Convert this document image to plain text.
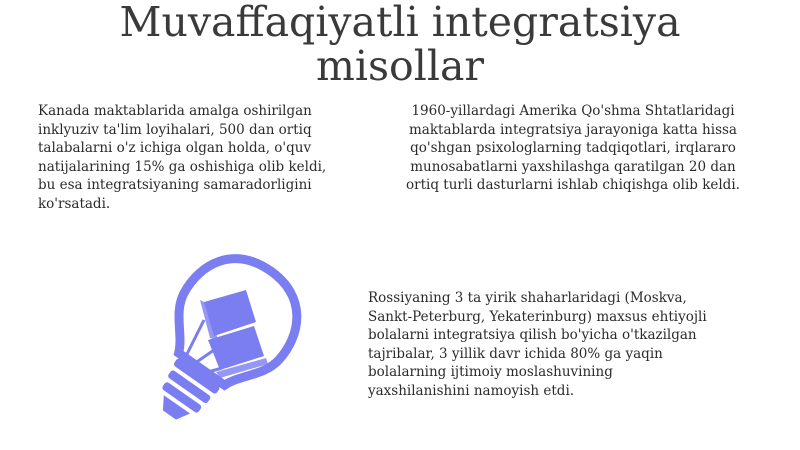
Muvaffaqiyatli integratsiya
misollar

Kanada maktablarida amalga oshirilgan
inklyuziv ta'lim loyihalari, 500 dan ortiq
talabalarni o'z ichiga olgan holda, o'quv
natijalarining 15% ga oshishiga olib keldi,
bu esa integratsiyaning samaradorligini
ko'rsatadi.

1960-yillardagi Amerika Qo'shma Shtatlaridagi
maktablarda integratsiya jarayoniga katta hissa
qo'shgan psixologlarning tadqiqotlari, irqlararo
munosabatlarni yaxshilashga qaratilgan 20 dan
ortiq turli dasturlarni ishlab chiqishga olib keldi.

Rossiyaning 3 ta yirik shaharlaridagi (Moskva,
Sankt-Peterburg, Yekaterinburg) maxsus ehtiyojli
bolalarni integratsiya qilish bo'yicha o'tkazilgan
tajribalar, 3 yillik davr ichida 80% ga yaqin
bolalarning ijtimoiy moslashuvining
yaxshilanishini namoyish etdi.
